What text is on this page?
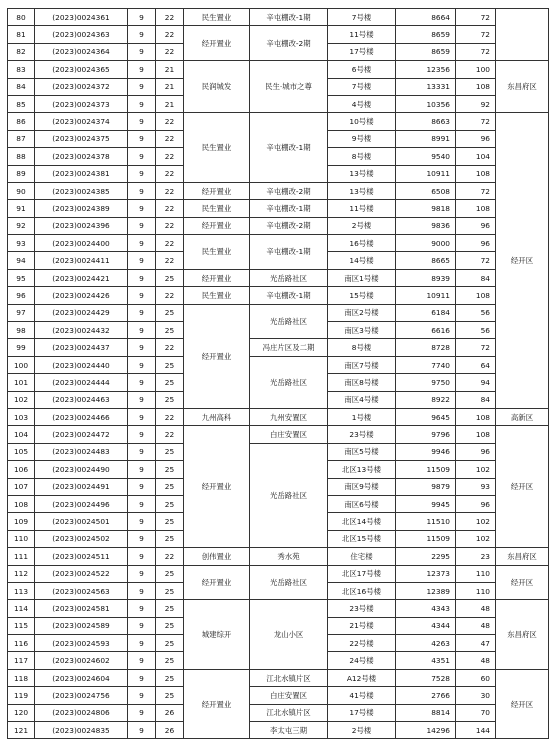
80	(2023)0024361	9	22	民生置业	辛屯棚改-1期	7号楼	8664	72	
81	(2023)0024363	9	22	经开置业	辛屯棚改-2期	11号楼	8659	72	
82	(2023)0024364	9	22			17号楼	8659	72	
83	(2023)0024365	9	21	民润城发	民生·城市之尊	6号楼	12356	100	东昌府区
84	(2023)0024372	9	21			7号楼	13331	108	
85	(2023)0024373	9	21			4号楼	10356	92	
86	(2023)0024374	9	22	民生置业	辛屯棚改-1期	10号楼	8663	72	经开区
87	(2023)0024375	9	22			9号楼	8991	96	
88	(2023)0024378	9	22			8号楼	9540	104	
89	(2023)0024381	9	22			13号楼	10911	108	
90	(2023)0024385	9	22	经开置业	辛屯棚改-2期	13号楼	6508	72	
91	(2023)0024389	9	22	民生置业	辛屯棚改-1期	11号楼	9818	108	
92	(2023)0024396	9	22	经开置业	辛屯棚改-2期	2号楼	9836	96	
93	(2023)0024400	9	22	民生置业	辛屯棚改-1期	16号楼	9000	96	
94	(2023)0024411	9	22			14号楼	8665	72	
95	(2023)0024421	9	25	经开置业	光岳路社区	南区1号楼	8939	84	
96	(2023)0024426	9	22	民生置业	辛屯棚改-1期	15号楼	10911	108	
97	(2023)0024429	9	25	经开置业	光岳路社区	南区2号楼	6184	56	
98	(2023)0024432	9	25			南区3号楼	6616	56	
99	(2023)0024437	9	22		冯庄片区及二期	8号楼	8728	72	
100	(2023)0024440	9	25		光岳路社区	南区7号楼	7740	64	
101	(2023)0024444	9	25			南区8号楼	9750	94	
102	(2023)0024463	9	25			南区4号楼	8922	84	
103	(2023)0024466	9	22	九州高科	九州安置区	1号楼	9645	108	高新区
104	(2023)0024472	9	22	经开置业	白庄安置区	23号楼	9796	108	经开区
105	(2023)0024483	9	25		光岳路社区	南区5号楼	9946	96	
106	(2023)0024490	9	25			北区13号楼	11509	102	
107	(2023)0024491	9	25			南区9号楼	9879	93	
108	(2023)0024496	9	25			南区6号楼	9945	96	
109	(2023)0024501	9	25			北区14号楼	11510	102	
110	(2023)0024502	9	25			北区15号楼	11509	102	
111	(2023)0024511	9	22	创伟置业	秀水苑	住宅楼	2295	23	东昌府区
112	(2023)0024522	9	25	经开置业	光岳路社区	北区17号楼	12373	110	经开区
113	(2023)0024563	9	25			北区16号楼	12389	110	
114	(2023)0024581	9	25	城建综开	龙山小区	23号楼	4343	48	东昌府区
115	(2023)0024589	9	25			21号楼	4344	48	
116	(2023)0024593	9	25			22号楼	4263	47	
117	(2023)0024602	9	25			24号楼	4351	48	
118	(2023)0024604	9	25	经开置业	江北水镇片区	A12号楼	7528	60	经开区
119	(2023)0024756	9	25		白庄安置区	41号楼	2766	30	
120	(2023)0024806	9	26		江北水镇片区	17号楼	8814	70	
121	(2023)0024835	9	26		李太屯三期	2号楼	14296	144	
